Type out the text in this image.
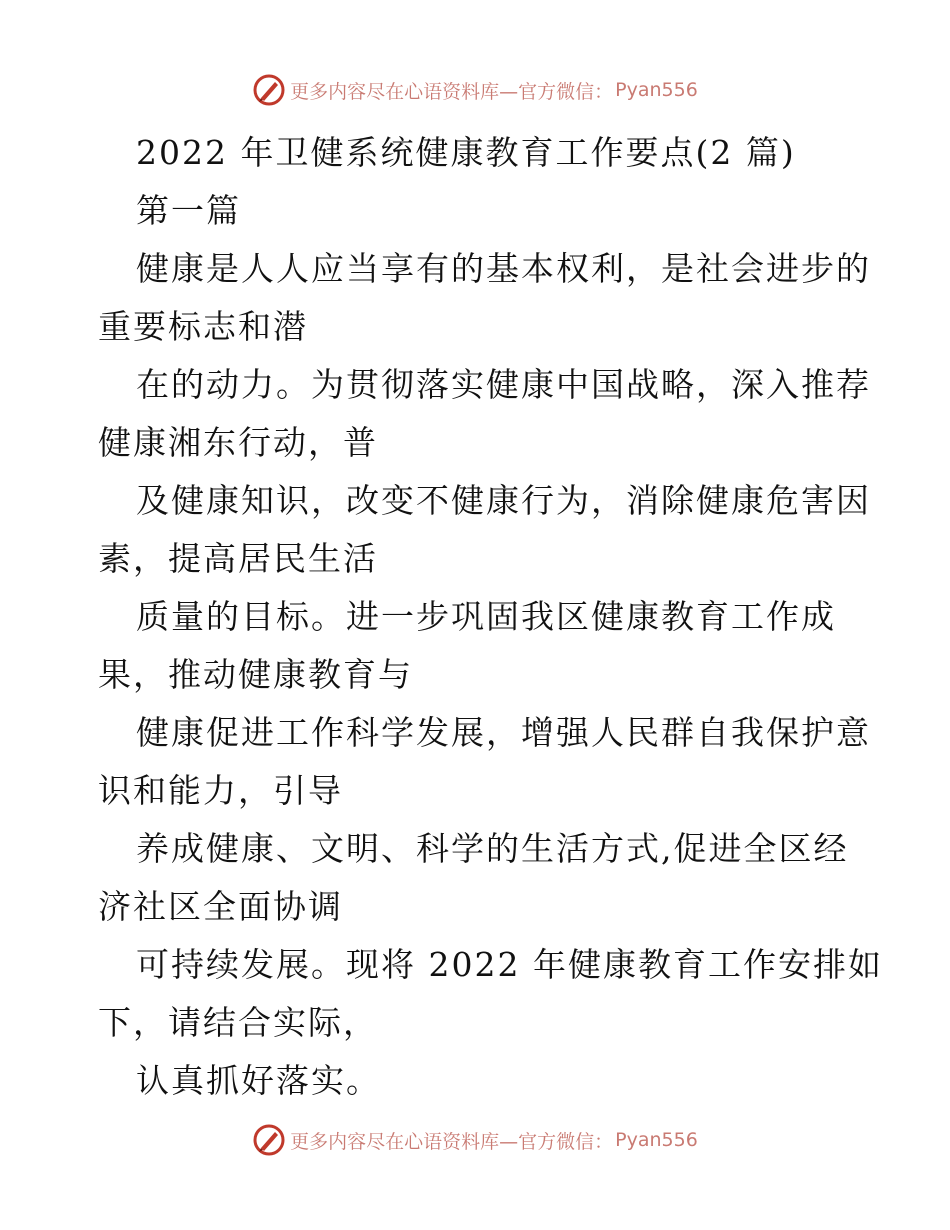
更多内容尽在心语资料库—官方微信： Pyan556
2022 年卫健系统健康教育工作要点(2 篇)
第一篇
健康是人人应当享有的基本权利，是社会进步的
重要标志和潜
在的动力。为贯彻落实健康中国战略，深入推荐
健康湘东行动，普
及健康知识，改变不健康行为，消除健康危害因
素，提高居民生活
质量的目标。进一步巩固我区健康教育工作成
果，推动健康教育与
健康促进工作科学发展，增强人民群自我保护意
识和能力，引导
养成健康、文明、科学的生活方式,促进全区经
济社区全面协调
可持续发展。现将 2022 年健康教育工作安排如
下，请结合实际，
认真抓好落实。
更多内容尽在心语资料库—官方微信： Pyan556
